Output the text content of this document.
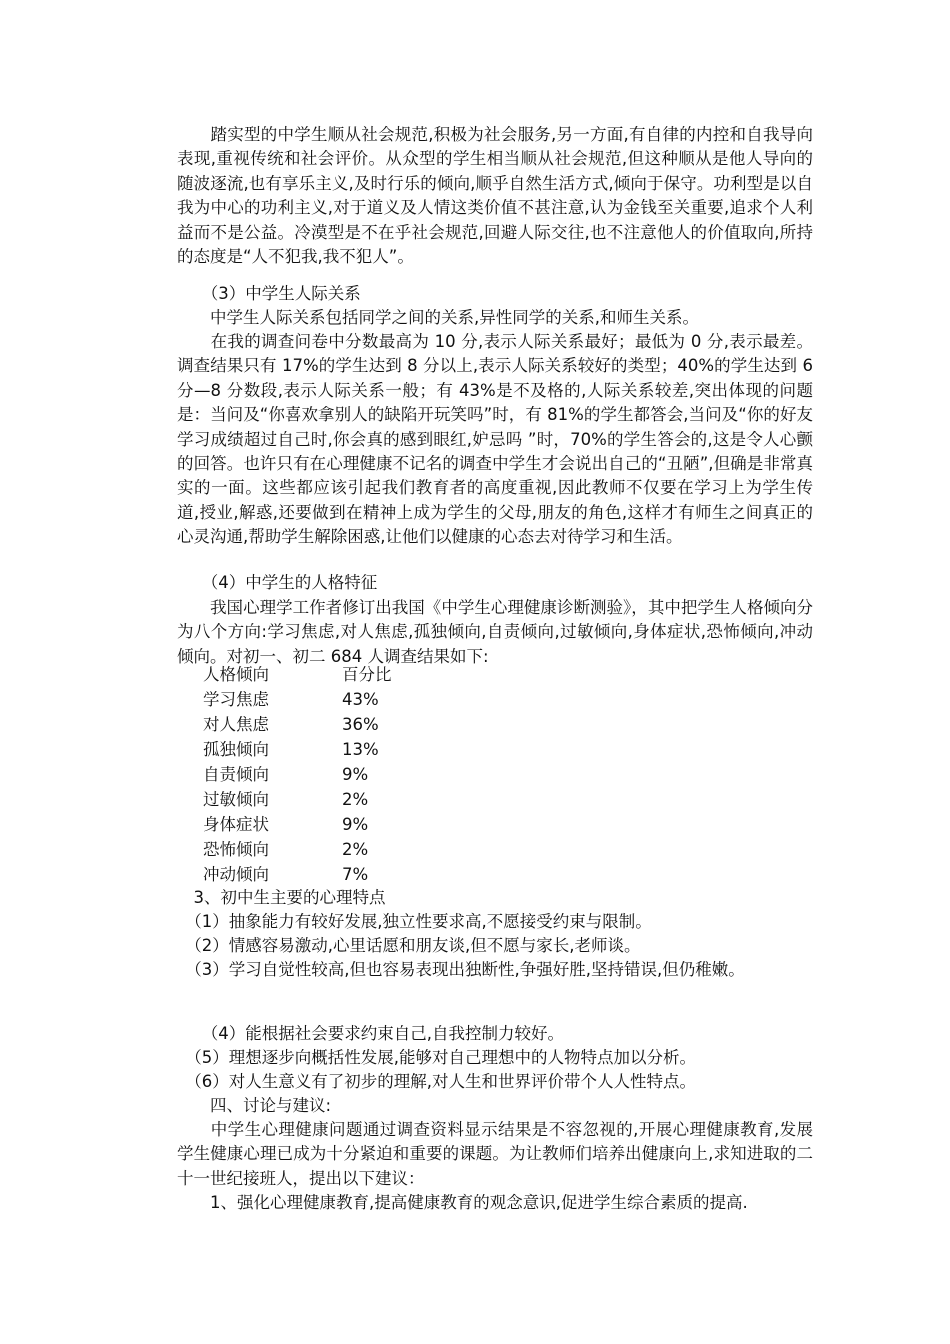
　　踏实型的中学生顺从社会规范,积极为社会服务,另一方面,有自律的内控和自我导向表现,重视传统和社会评价。从众型的学生相当顺从社会规范,但这种顺从是他人导向的随波逐流,也有享乐主义,及时行乐的倾向,顺乎自然生活方式,倾向于保守。功利型是以自我为中心的功利主义,对于道义及人情这类价值不甚注意,认为金钱至关重要,追求个人利益而不是公益。冷漠型是不在乎社会规范,回避人际交往,也不注意他人的价值取向,所持的态度是“人不犯我,我不犯人”。
　　（3）中学生人际关系
　　中学生人际关系包括同学之间的关系,异性同学的关系,和师生关系。
　　在我的调查问卷中分数最高为 10 分,表示人际关系最好；最低为 0 分,表示最差。调查结果只有 17%的学生达到 8 分以上,表示人际关系较好的类型；40%的学生达到 6 分—8 分数段,表示人际关系一般；有 43%是不及格的,人际关系较差,突出体现的问题是：当问及“你喜欢拿别人的缺陷开玩笑吗”时，有 81%的学生都答会,当问及“你的好友学习成绩超过自己时,你会真的感到眼红,妒忌吗 ”时，70%的学生答会的,这是令人心颤的回答。也许只有在心理健康不记名的调查中学生才会说出自己的“丑陋”,但确是非常真实的一面。这些都应该引起我们教育者的高度重视,因此教师不仅要在学习上为学生传道,授业,解惑,还要做到在精神上成为学生的父母,朋友的角色,这样才有师生之间真正的心灵沟通,帮助学生解除困惑,让他们以健康的心态去对待学习和生活。
　　（4）中学生的人格特征
　　我国心理学工作者修订出我国《中学生心理健康诊断测验》，其中把学生人格倾向分为八个方向:学习焦虑,对人焦虑,孤独倾向,自责倾向,过敏倾向,身体症状,恐怖倾向,冲动倾向。对初一、初二 684 人调查结果如下:
人格倾向	百分比
学习焦虑	43%
对人焦虑	36%
孤独倾向	13%
自责倾向	9%
过敏倾向	2%
身体症状	9%
恐怖倾向	2%
冲动倾向	7%
　3、初中生主要的心理特点
　（1）抽象能力有较好发展,独立性要求高,不愿接受约束与限制。
　（2）情感容易激动,心里话愿和朋友谈,但不愿与家长,老师谈。
　（3）学习自觉性较高,但也容易表现出独断性,争强好胜,坚持错误,但仍稚嫩。
　　（4）能根据社会要求约束自己,自我控制力较好。
　（5）理想逐步向概括性发展,能够对自己理想中的人物特点加以分析。
　（6）对人生意义有了初步的理解,对人生和世界评价带个人人性特点。
　　四、讨论与建议:
　　中学生心理健康问题通过调查资料显示结果是不容忽视的,开展心理健康教育,发展学生健康心理已成为十分紧迫和重要的课题。为让教师们培养出健康向上,求知进取的二十一世纪接班人，提出以下建议：
　　1、强化心理健康教育,提高健康教育的观念意识,促进学生综合素质的提高.
